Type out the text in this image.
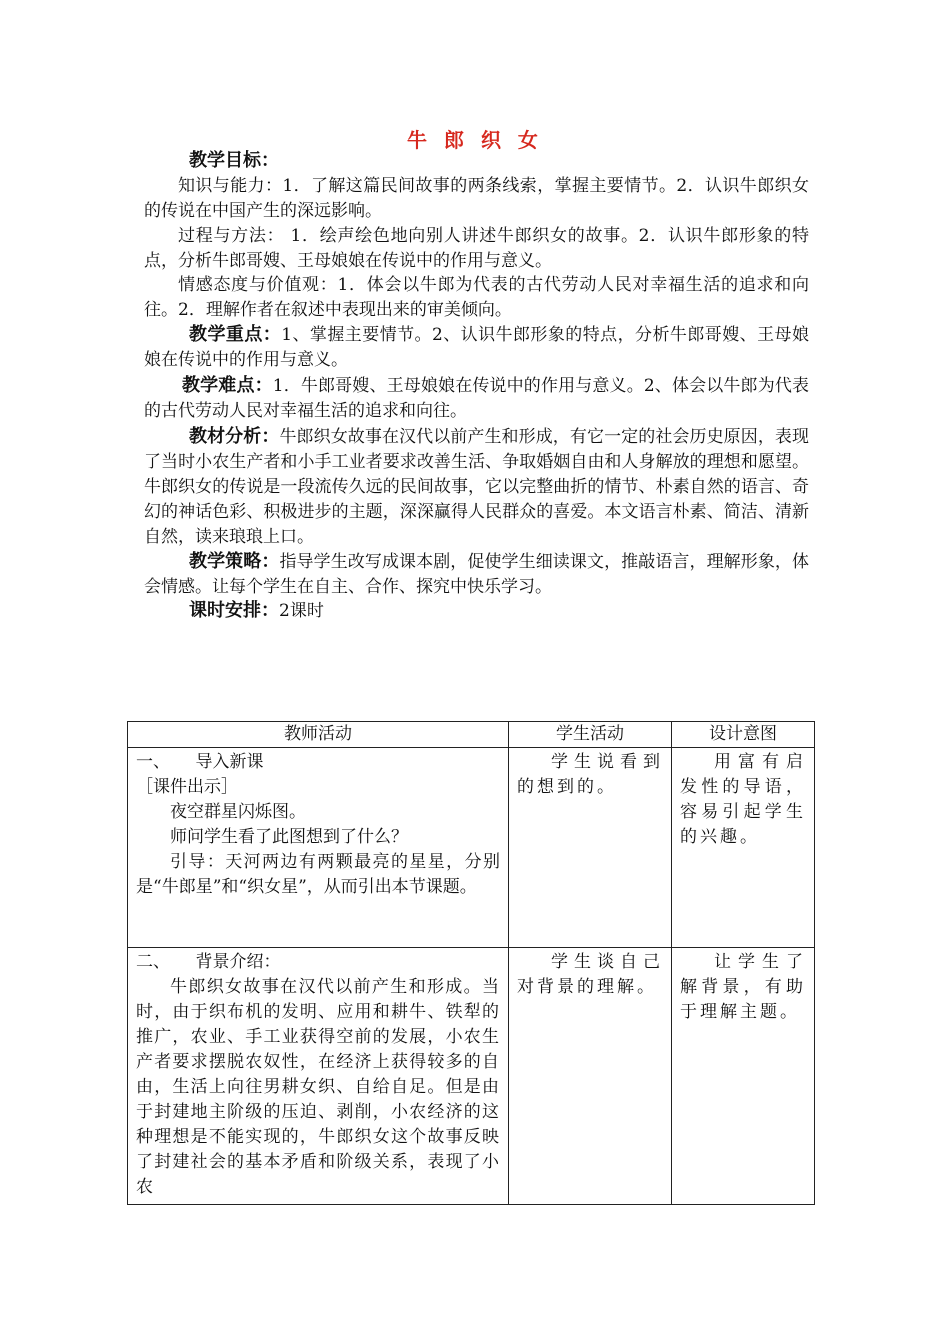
牛 郎 织 女
教学目标：
知识与能力：1．了解这篇民间故事的两条线索，掌握主要情节。2．认识牛郎织女的传说在中国产生的深远影响。
过程与方法： 1．绘声绘色地向别人讲述牛郎织女的故事。2．认识牛郎形象的特点，分析牛郎哥嫂、王母娘娘在传说中的作用与意义。
情感态度与价值观：1．体会以牛郎为代表的古代劳动人民对幸福生活的追求和向往。2．理解作者在叙述中表现出来的审美倾向。
教学重点：1、掌握主要情节。2、认识牛郎形象的特点，分析牛郎哥嫂、王母娘娘在传说中的作用与意义。
教学难点：1．牛郎哥嫂、王母娘娘在传说中的作用与意义。2、体会以牛郎为代表的古代劳动人民对幸福生活的追求和向往。
教材分析：牛郎织女故事在汉代以前产生和形成，有它一定的社会历史原因，表现了当时小农生产者和小手工业者要求改善生活、争取婚姻自由和人身解放的理想和愿望。牛郎织女的传说是一段流传久远的民间故事，它以完整曲折的情节、朴素自然的语言、奇幻的神话色彩、积极进步的主题，深深赢得人民群众的喜爱。本文语言朴素、简洁、清新自然，读来琅琅上口。
教学策略：指导学生改写成课本剧，促使学生细读课文，推敲语言，理解形象，体会情感。让每个学生在自主、合作、探究中快乐学习。
课时安排：2课时
教师活动	学生活动	设计意图

一、　　导入新课

［课件出示］

夜空群星闪烁图。

师问学生看了此图想到了什么？

引导：天河两边有两颗最亮的星星，分别是“牛郎星”和“织女星”，从而引出本节课题。	学生说看到的想到的。	用富有启发性的导语，容易引起学生的兴趣。

二、　　背景介绍：

牛郎织女故事在汉代以前产生和形成。当时，由于织布机的发明、应用和耕牛、铁犁的推广，农业、手工业获得空前的发展，小农生产者要求摆脱农奴性，在经济上获得较多的自由，生活上向往男耕女织、自给自足。但是由于封建地主阶级的压迫、剥削，小农经济的这种理想是不能实现的，牛郎织女这个故事反映了封建社会的基本矛盾和阶级关系，表现了小农	学生谈自己对背景的理解。	让学生了解背景，有助于理解主题。
